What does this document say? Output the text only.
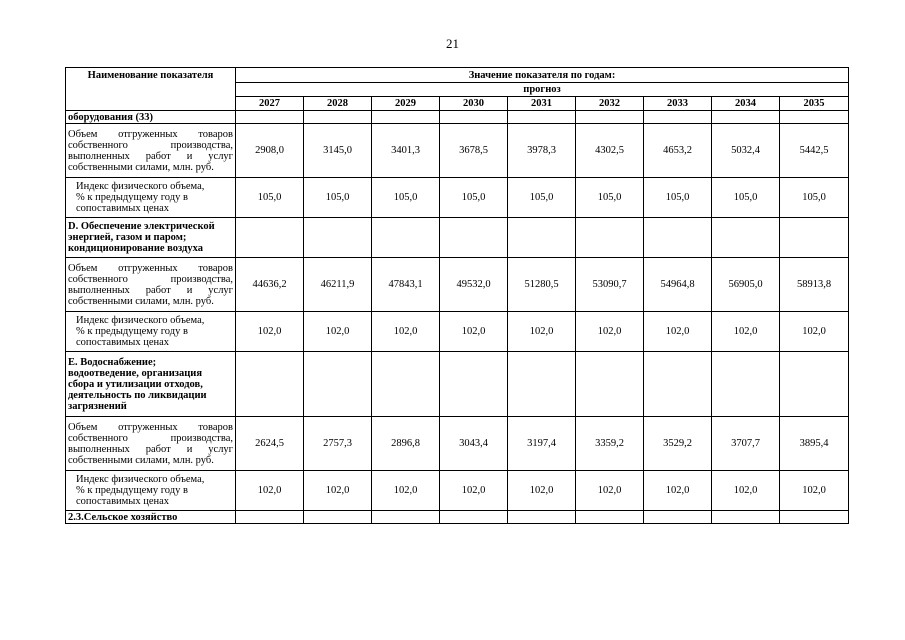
21
Наименование показателя	Значение показателя по годам:								
	прогноз								
	2027	2028	2029	2030	2031	2032	2033	2034	2035

оборудования (33)									

Объем отгруженных товаров
собственного производства,
выполненных работ и услуг
собственными силами, млн. руб.	2908,0	3145,0	3401,3	3678,5	3978,3	4302,5	4653,2	5032,4	5442,5

Индекс физического объема,
% к предыдущему году в
сопоставимых ценах	105,0	105,0	105,0	105,0	105,0	105,0	105,0	105,0	105,0

D. Обеспечение электрической
энергией, газом и паром;
кондиционирование воздуха									

Объем отгруженных товаров
собственного производства,
выполненных работ и услуг
собственными силами, млн. руб.	44636,2	46211,9	47843,1	49532,0	51280,5	53090,7	54964,8	56905,0	58913,8

Индекс физического объема,
% к предыдущему году в
сопоставимых ценах	102,0	102,0	102,0	102,0	102,0	102,0	102,0	102,0	102,0

E. Водоснабжение;
водоотведение, организация
сбора и утилизации отходов,
деятельность по ликвидации
загрязнений									

Объем отгруженных товаров
собственного производства,
выполненных работ и услуг
собственными силами, млн. руб.	2624,5	2757,3	2896,8	3043,4	3197,4	3359,2	3529,2	3707,7	3895,4

Индекс физического объема,
% к предыдущему году в
сопоставимых ценах	102,0	102,0	102,0	102,0	102,0	102,0	102,0	102,0	102,0

2.3.Сельское хозяйство									
